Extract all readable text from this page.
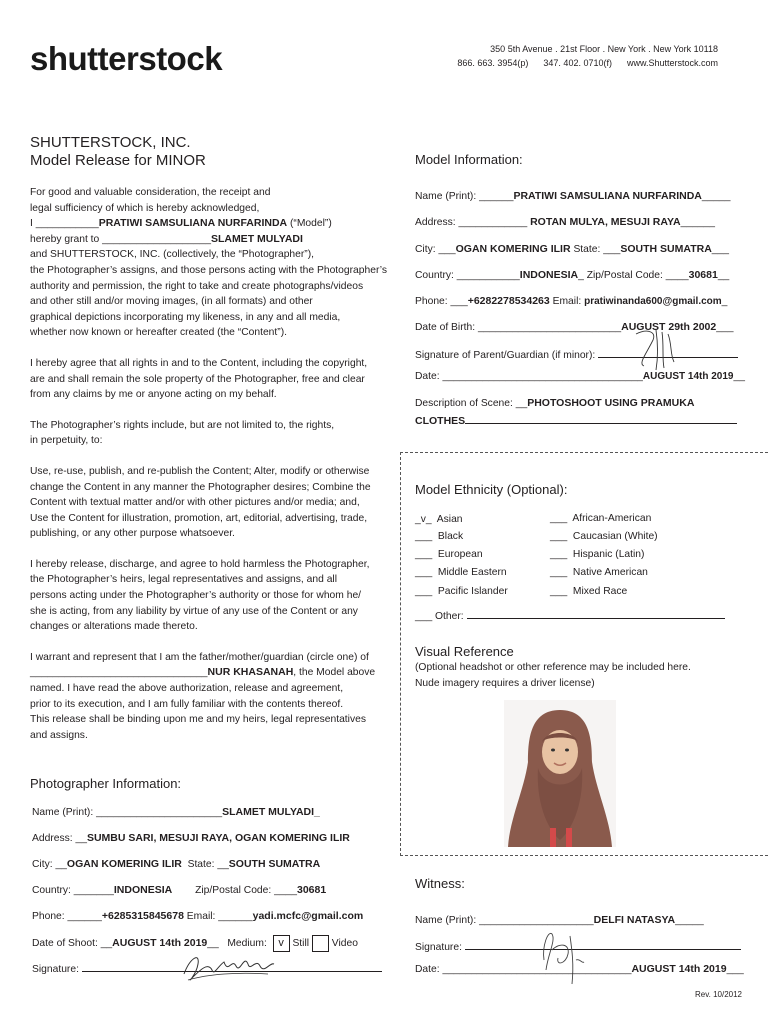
shutterstock	350 5th Avenue . 21st Floor . New York . New York 10118
866. 663. 3954(p)      347. 402. 0710(f)      www.Shutterstock.com
SHUTTERSTOCK, INC.
Model Release for MINOR

For good and valuable consideration, the receipt and

legal sufficiency of which is hereby acknowledged,

I ___________PRATIWI SAMSULIANA NURFARINDA (“Model”)

hereby grant to ___________________SLAMET MULYADI

and SHUTTERSTOCK, INC. (collectively, the “Photographer”),

the Photographer’s assigns, and those persons acting with the Photographer’s

authority and permission, the right to take and create photographs/videos

and other still and/or moving images, (in all formats) and other

graphical depictions incorporating my likeness, in any and all media,

whether now known or hereafter created (the “Content”).

I hereby agree that all rights in and to the Content, including the copyright,

are and shall remain the sole property of the Photographer, free and clear

from any claims by me or anyone acting on my behalf.

The Photographer’s rights include, but are not limited to, the rights,

in perpetuity, to:

Use, re-use, publish, and re-publish the Content; Alter, modify or otherwise

change the Content in any manner the Photographer desires; Combine the

Content with textual matter and/or with other pictures and/or media; and,

Use the Content for illustration, promotion, art, editorial, advertising, trade,

publishing, or any other purpose whatsoever.

I hereby release, discharge, and agree to hold harmless the Photographer,

the Photographer’s heirs, legal representatives and assigns, and all

persons acting under the Photographer’s authority or those for whom he/

she is acting, from any liability by virtue of any use of the Content or any

changes or alterations made thereto.

I warrant and represent that I am the father/mother/guardian (circle one) of

_______________________________NUR KHASANAH, the Model above

named. I have read the above authorization, release and agreement,

prior to its execution, and I am fully familiar with the contents thereof.

This release shall be binding upon me and my heirs, legal representatives

and assigns.

Photographer Information:
Name (Print): ______________________SLAMET MULYADI_
Address: __SUMBU SARI, MESUJI RAYA, OGAN KOMERING ILIR
City: __OGAN KOMERING ILIR State: __SOUTH SUMATRA
Country: _______INDONESIA Zip/Postal Code: ____30681
Phone: ______+6285315845678 Email: ______yadi.mcfc@gmail.com
Date of Shoot: __AUGUST 14th 2019__ Medium: v Still Video
Signature:
Model Information:
Name (Print): ______PRATIWI SAMSULIANA NURFARINDA_____
Address: ____________ ROTAN MULYA, MESUJI RAYA______
City: ___OGAN KOMERING ILIR State: ___SOUTH SUMATRA___
Country: ___________INDONESIA_ Zip/Postal Code: ____30681__
Phone: ___+6282278534263 Email: pratiwinanda600@gmail.com_
Date of Birth: _________________________AUGUST 29th 2002___
Signature of Parent/Guardian (if minor):
Date: ___________________________________AUGUST 14th 2019__
Description of Scene: __PHOTOSHOOT USING PRAMUKA
CLOTHES
Model Ethnicity (Optional):
_v_ Asian
___ Black
___ European
___ Middle Eastern
___ Pacific Islander
___ African-American
___ Caucasian (White)
___ Hispanic (Latin)
___ Native American
___ Mixed Race
___ Other:
Visual Reference
(Optional headshot or other reference may be included here.
Nude imagery requires a driver license)
Witness:
Name (Print): ____________________DELFI NATASYA_____
Signature:
Date: _________________________________AUGUST 14th 2019___
Rev. 10/2012
